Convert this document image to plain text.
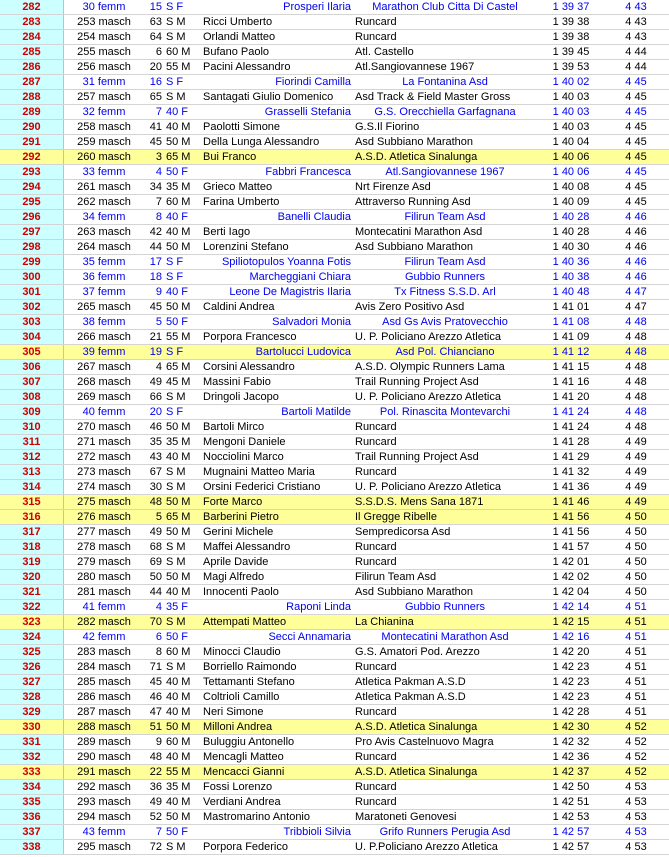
282	30 femm	15 S F	Prosperi Ilaria	Marathon Club Citta Di Castel	1 39 37	4 43
283	253 masch	63 S M	Ricci Umberto	Runcard	1 39 38	4 43
284	254 masch	64 S M	Orlandi Matteo	Runcard	1 39 38	4 43
285	255 masch	6 60 M	Bufano Paolo	Atl. Castello	1 39 45	4 44
286	256 masch	20 55 M	Pacini Alessandro	Atl.Sangiovannese 1967	1 39 53	4 44
287	31 femm	16 S F	Fiorindi Camilla	La Fontanina Asd	1 40 02	4 45
288	257 masch	65 S M	Santagati Giulio Domenico	Asd Track & Field Master Gross	1 40 03	4 45
289	32 femm	7 40 F	Grasselli Stefania	G.S. Orecchiella Garfagnana	1 40 03	4 45
290	258 masch	41 40 M	Paolotti Simone	G.S.Il Fiorino	1 40 03	4 45
291	259 masch	45 50 M	Della Lunga Alessandro	Asd Subbiano Marathon	1 40 04	4 45
292	260 masch	3 65 M	Bui Franco	A.S.D. Atletica Sinalunga	1 40 06	4 45
293	33 femm	4 50 F	Fabbri Francesca	Atl.Sangiovannese 1967	1 40 06	4 45
294	261 masch	34 35 M	Grieco Matteo	Nrt Firenze Asd	1 40 08	4 45
295	262 masch	7 60 M	Farina Umberto	Attraverso Running Asd	1 40 09	4 45
296	34 femm	8 40 F	Banelli Claudia	Filirun Team Asd	1 40 28	4 46
297	263 masch	42 40 M	Berti Iago	Montecatini Marathon Asd	1 40 28	4 46
298	264 masch	44 50 M	Lorenzini Stefano	Asd Subbiano Marathon	1 40 30	4 46
299	35 femm	17 S F	Spiliotopulos Yoanna Fotis	Filirun Team Asd	1 40 36	4 46
300	36 femm	18 S F	Marcheggiani Chiara	Gubbio Runners	1 40 38	4 46
301	37 femm	9 40 F	Leone De Magistris Ilaria	Tx Fitness S.S.D. Arl	1 40 48	4 47
302	265 masch	45 50 M	Caldini Andrea	Avis Zero Positivo Asd	1 41 01	4 47
303	38 femm	5 50 F	Salvadori Monia	Asd Gs Avis Pratovecchio	1 41 08	4 48
304	266 masch	21 55 M	Porpora Francesco	U. P. Policiano Arezzo Atletica	1 41 09	4 48
305	39 femm	19 S F	Bartolucci Ludovica	Asd Pol. Chianciano	1 41 12	4 48
306	267 masch	4 65 M	Corsini Alessandro	A.S.D. Olympic Runners Lama	1 41 15	4 48
307	268 masch	49 45 M	Massini Fabio	Trail Running Project Asd	1 41 16	4 48
308	269 masch	66 S M	Dringoli Jacopo	U. P. Policiano Arezzo Atletica	1 41 20	4 48
309	40 femm	20 S F	Bartoli Matilde	Pol. Rinascita Montevarchi	1 41 24	4 48
310	270 masch	46 50 M	Bartoli Mirco	Runcard	1 41 24	4 48
311	271 masch	35 35 M	Mengoni Daniele	Runcard	1 41 28	4 49
312	272 masch	43 40 M	Nocciolini Marco	Trail Running Project Asd	1 41 29	4 49
313	273 masch	67 S M	Mugnaini Matteo Maria	Runcard	1 41 32	4 49
314	274 masch	30 S M	Orsini Federici Cristiano	U. P. Policiano Arezzo Atletica	1 41 36	4 49
315	275 masch	48 50 M	Forte Marco	S.S.D.S. Mens Sana 1871	1 41 46	4 49
316	276 masch	5 65 M	Barberini Pietro	Il Gregge Ribelle	1 41 56	4 50
317	277 masch	49 50 M	Gerini Michele	Sempredicorsa Asd	1 41 56	4 50
318	278 masch	68 S M	Maffei Alessandro	Runcard	1 41 57	4 50
319	279 masch	69 S M	Aprile Davide	Runcard	1 42 01	4 50
320	280 masch	50 50 M	Magi Alfredo	Filirun Team Asd	1 42 02	4 50
321	281 masch	44 40 M	Innocenti Paolo	Asd Subbiano Marathon	1 42 04	4 50
322	41 femm	4 35 F	Raponi Linda	Gubbio Runners	1 42 14	4 51
323	282 masch	70 S M	Attempati Matteo	La Chianina	1 42 15	4 51
324	42 femm	6 50 F	Secci Annamaria	Montecatini Marathon Asd	1 42 16	4 51
325	283 masch	8 60 M	Minocci Claudio	G.S. Amatori Pod. Arezzo	1 42 20	4 51
326	284 masch	71 S M	Borriello Raimondo	Runcard	1 42 23	4 51
327	285 masch	45 40 M	Tettamanti Stefano	Atletica Pakman A.S.D	1 42 23	4 51
328	286 masch	46 40 M	Coltrioli Camillo	Atletica Pakman A.S.D	1 42 23	4 51
329	287 masch	47 40 M	Neri Simone	Runcard	1 42 28	4 51
330	288 masch	51 50 M	Milloni Andrea	A.S.D. Atletica Sinalunga	1 42 30	4 52
331	289 masch	9 60 M	Buluggiu Antonello	Pro Avis Castelnuovo Magra	1 42 32	4 52
332	290 masch	48 40 M	Mencagli Matteo	Runcard	1 42 36	4 52
333	291 masch	22 55 M	Mencacci Gianni	A.S.D. Atletica Sinalunga	1 42 37	4 52
334	292 masch	36 35 M	Fossi Lorenzo	Runcard	1 42 50	4 53
335	293 masch	49 40 M	Verdiani Andrea	Runcard	1 42 51	4 53
336	294 masch	52 50 M	Mastromarino Antonio	Maratoneti Genovesi	1 42 53	4 53
337	43 femm	7 50 F	Tribbioli Silvia	Grifo Runners Perugia Asd	1 42 57	4 53
338	295 masch	72 S M	Porpora Federico	U. P.Policiano Arezzo Atletica	1 42 57	4 53
